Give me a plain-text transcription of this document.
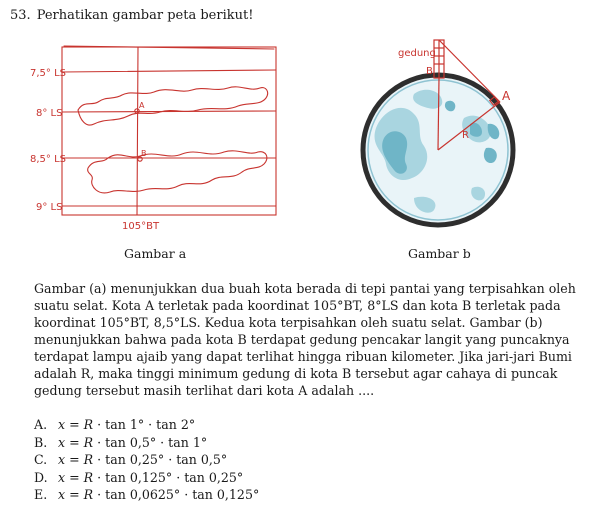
53. Perhatikan gambar peta berikut!
7,5° LS
8° LS
8,5° LS
9° LS
105°BT
A
B
Gambar a
gedung
B
A
R
Gambar b
Gambar (a) menunjukkan dua buah kota berada di tepi pantai yang terpisahkan oleh suatu selat. Kota A terletak pada koordinat 105°BT, 8°LS dan kota B terletak pada koordinat 105°BT, 8,5°LS. Kedua kota terpisahkan oleh suatu selat. Gambar (b) menunjukkan bahwa pada kota B terdapat gedung pencakar langit yang puncaknya terdapat lampu ajaib yang dapat terlihat hingga ribuan kilometer. Jika jari-jari Bumi adalah R, maka tinggi minimum gedung di kota B tersebut agar cahaya di puncak gedung tersebut masih terlihat dari kota A adalah ....
A. x = R · tan 1° · tan 2°
B. x = R · tan 0,5° · tan 1°
C. x = R · tan 0,25° · tan 0,5°
D. x = R · tan 0,125° · tan 0,25°
E. x = R · tan 0,0625° · tan 0,125°
